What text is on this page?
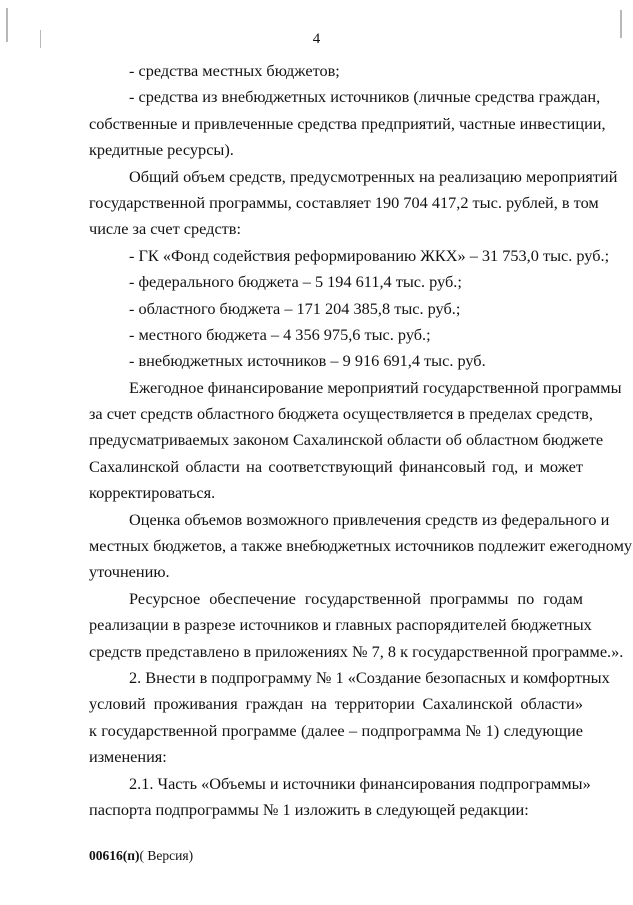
4
- средства местных бюджетов;
- средства из внебюджетных источников (личные средства граждан,
собственные и привлеченные средства предприятий, частные инвестиции,
кредитные ресурсы).
Общий объем средств, предусмотренных на реализацию мероприятий
государственной программы, составляет 190 704 417,2 тыс. рублей, в том
числе за счет средств:
- ГК «Фонд содействия реформированию ЖКХ» – 31 753,0 тыс. руб.;
- федерального бюджета – 5 194 611,4 тыс. руб.;
- областного бюджета – 171 204 385,8 тыс. руб.;
- местного бюджета – 4 356 975,6 тыс. руб.;
- внебюджетных источников – 9 916 691,4 тыс. руб.
Ежегодное финансирование мероприятий государственной программы
за счет средств областного бюджета осуществляется в пределах средств,
предусматриваемых законом Сахалинской области об областном бюджете
Сахалинской области на соответствующий финансовый год, и может
корректироваться.
Оценка объемов возможного привлечения средств из федерального и
местных бюджетов, а также внебюджетных источников подлежит ежегодному
уточнению.
Ресурсное обеспечение государственной программы по годам
реализации в разрезе источников и главных распорядителей бюджетных
средств представлено в приложениях № 7, 8 к государственной программе.».
2. Внести в подпрограмму № 1 «Создание безопасных и комфортных
условий проживания граждан на территории Сахалинской области»
к государственной программе (далее – подпрограмма № 1) следующие
изменения:
2.1. Часть «Объемы и источники финансирования подпрограммы»
паспорта подпрограммы № 1 изложить в следующей редакции:
00616(п)( Версия)
